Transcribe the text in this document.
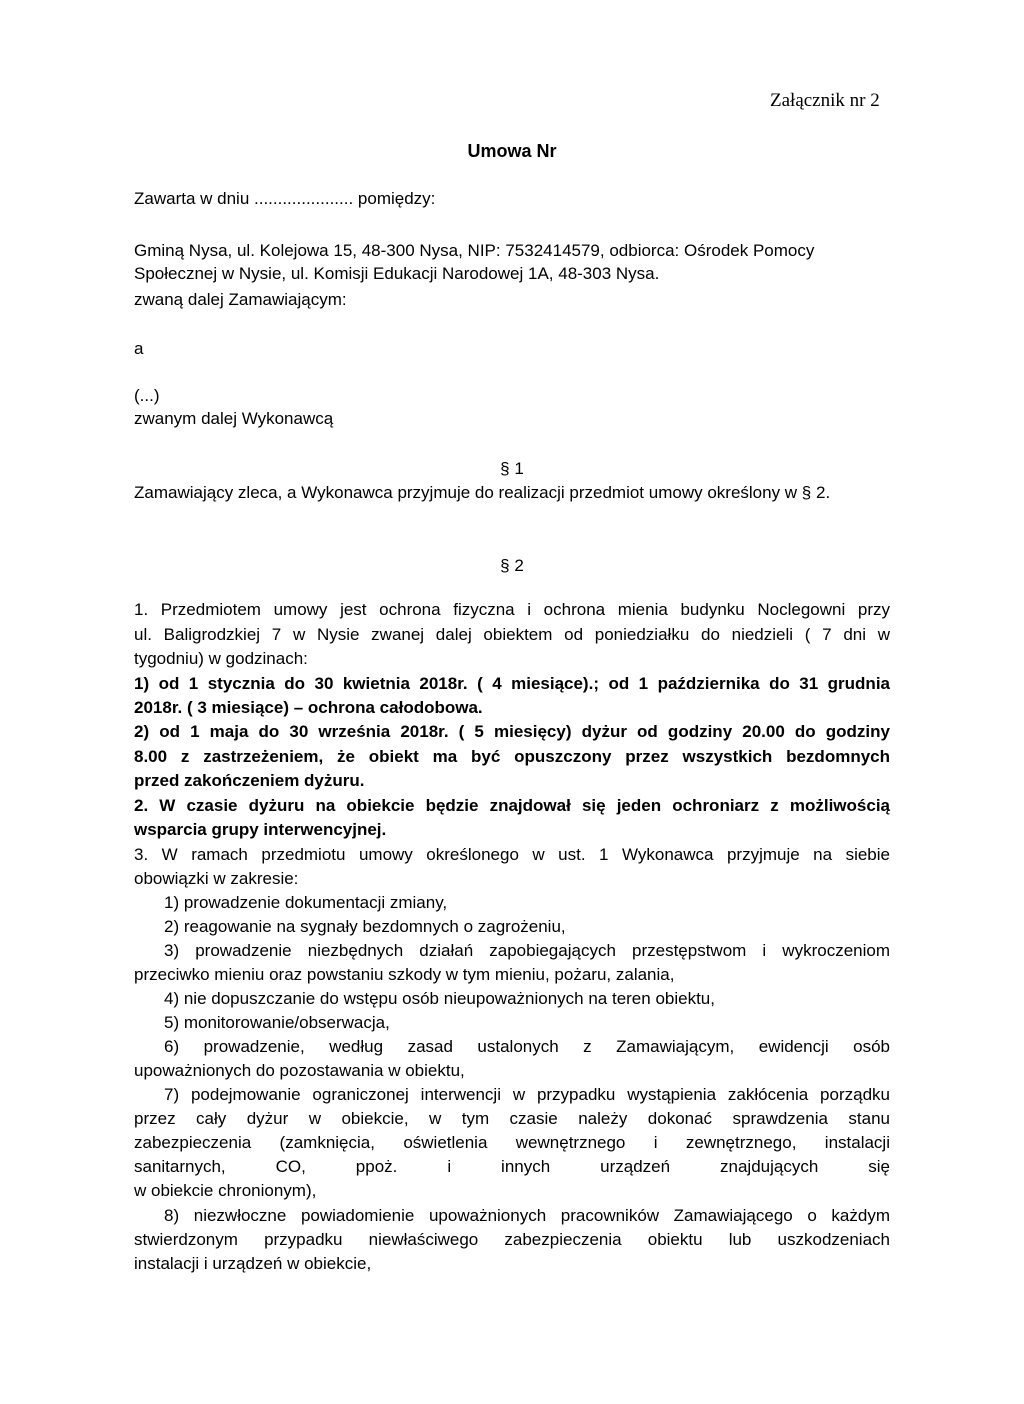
Załącznik nr 2
Umowa Nr
Zawarta w dniu ..................... pomiędzy:
Gminą Nysa, ul. Kolejowa 15, 48-300 Nysa, NIP: 7532414579, odbiorca: Ośrodek Pomocy
Społecznej w Nysie, ul. Komisji Edukacji Narodowej 1A, 48-303 Nysa.
zwaną dalej Zamawiającym:
a
(...)
zwanym dalej Wykonawcą
§ 1
Zamawiający zleca, a Wykonawca przyjmuje do realizacji przedmiot umowy określony w § 2.
§ 2
1. Przedmiotem umowy jest ochrona fizyczna i ochrona mienia budynku Noclegowni przy
ul. Baligrodzkiej 7 w Nysie zwanej dalej obiektem od poniedziałku do niedzieli ( 7 dni w
tygodniu) w godzinach:
1) od 1 stycznia do 30 kwietnia 2018r. ( 4 miesiące).; od 1 października do 31 grudnia
2018r. ( 3 miesiące) – ochrona całodobowa.
2) od 1 maja do 30 września 2018r. ( 5 miesięcy) dyżur od godziny 20.00 do godziny
8.00 z zastrzeżeniem, że obiekt ma być opuszczony przez wszystkich bezdomnych
przed zakończeniem dyżuru.
2. W czasie dyżuru na obiekcie będzie znajdował się jeden ochroniarz z możliwością
wsparcia grupy interwencyjnej.
3. W ramach przedmiotu umowy określonego w ust. 1 Wykonawca przyjmuje na siebie
obowiązki w zakresie:
1) prowadzenie dokumentacji zmiany,
2) reagowanie na sygnały bezdomnych o zagrożeniu,
3) prowadzenie niezbędnych działań zapobiegających przestępstwom i wykroczeniom
przeciwko mieniu oraz powstaniu szkody w tym mieniu, pożaru, zalania,
4) nie dopuszczanie do wstępu osób nieupoważnionych na teren obiektu,
5) monitorowanie/obserwacja,
6) prowadzenie, według zasad ustalonych z Zamawiającym, ewidencji osób
upoważnionych do pozostawania w obiektu,
7) podejmowanie ograniczonej interwencji w przypadku wystąpienia zakłócenia porządku
przez cały dyżur w obiekcie, w tym czasie należy dokonać sprawdzenia stanu
zabezpieczenia (zamknięcia, oświetlenia wewnętrznego i zewnętrznego, instalacji
sanitarnych, CO, ppoż. i innych urządzeń znajdujących się
w obiekcie chronionym),
8) niezwłoczne powiadomienie upoważnionych pracowników Zamawiającego o każdym
stwierdzonym przypadku niewłaściwego zabezpieczenia obiektu lub uszkodzeniach
instalacji i urządzeń w obiekcie,
